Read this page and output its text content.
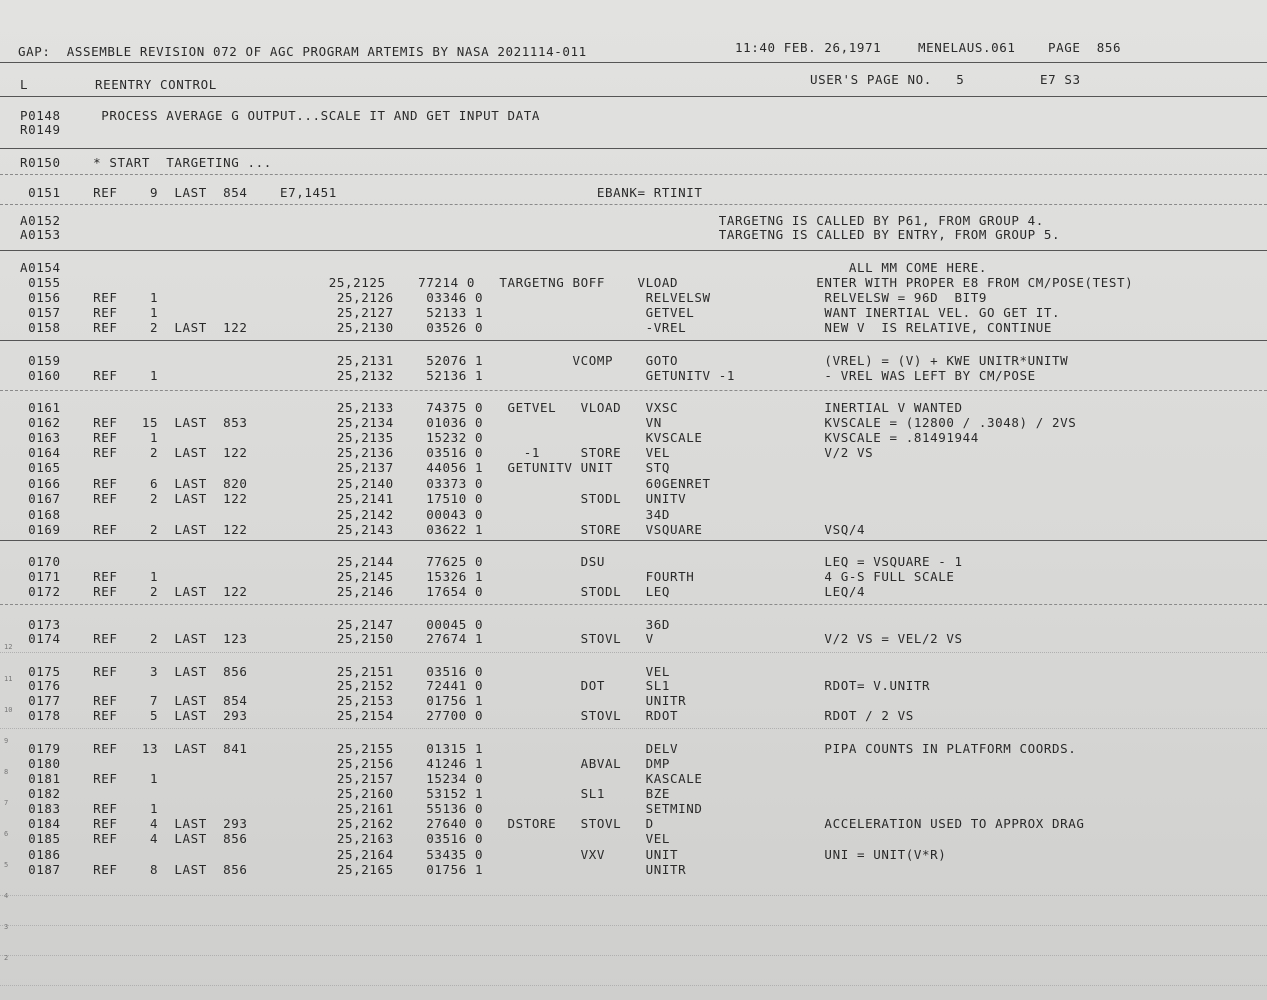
GAP:  ASSEMBLE REVISION 072 OF AGC PROGRAM ARTEMIS BY NASA 2021114-011	11:40 FEB. 26,1971	MENELAUS.061	PAGE  856
L	REENTRY CONTROL	USER'S PAGE NO.   5	E7 S3
P0148     PROCESS AVERAGE G OUTPUT...SCALE IT AND GET INPUT DATA
R0149
R0150    * START  TARGETING ...
0151    REF    9  LAST  854    E7,1451                                EBANK= RTINIT
A0152                                                                                 TARGETNG IS CALLED BY P61, FROM GROUP 4.
A0153                                                                                 TARGETNG IS CALLED BY ENTRY, FROM GROUP 5.
A0154                                                                                                 ALL MM COME HERE.
0155                                 25,2125    77214 0   TARGETNG BOFF    VLOAD                 ENTER WITH PROPER E8 FROM CM/POSE(TEST)
0156    REF    1                      25,2126    03346 0                    RELVELSW              RELVELSW = 96D  BIT9
0157    REF    1                      25,2127    52133 1                    GETVEL                WANT INERTIAL VEL. GO GET IT.
0158    REF    2  LAST  122           25,2130    03526 0                    -VREL                 NEW V  IS RELATIVE, CONTINUE
0159                                  25,2131    52076 1           VCOMP    GOTO                  (VREL) = (V) + KWE UNITR*UNITW
0160    REF    1                      25,2132    52136 1                    GETUNITV -1           - VREL WAS LEFT BY CM/POSE
0161                                  25,2133    74375 0   GETVEL   VLOAD   VXSC                  INERTIAL V WANTED
0162    REF   15  LAST  853           25,2134    01036 0                    VN                    KVSCALE = (12800 / .3048) / 2VS
0163    REF    1                      25,2135    15232 0                    KVSCALE               KVSCALE = .81491944
0164    REF    2  LAST  122           25,2136    03516 0     -1     STORE   VEL                   V/2 VS
0165                                  25,2137    44056 1   GETUNITV UNIT    STQ
0166    REF    6  LAST  820           25,2140    03373 0                    60GENRET
0167    REF    2  LAST  122           25,2141    17510 0            STODL   UNITV
0168                                  25,2142    00043 0                    34D
0169    REF    2  LAST  122           25,2143    03622 1            STORE   VSQUARE               VSQ/4
0170                                  25,2144    77625 0            DSU                           LEQ = VSQUARE - 1
0171    REF    1                      25,2145    15326 1                    FOURTH                4 G-S FULL SCALE
0172    REF    2  LAST  122           25,2146    17654 0            STODL   LEQ                   LEQ/4
0173                                  25,2147    00045 0                    36D
0174    REF    2  LAST  123           25,2150    27674 1            STOVL   V                     V/2 VS = VEL/2 VS
0175    REF    3  LAST  856           25,2151    03516 0                    VEL
0176                                  25,2152    72441 0            DOT     SL1                   RDOT= V.UNITR
0177    REF    7  LAST  854           25,2153    01756 1                    UNITR
0178    REF    5  LAST  293           25,2154    27700 0            STOVL   RDOT                  RDOT / 2 VS
0179    REF   13  LAST  841           25,2155    01315 1                    DELV                  PIPA COUNTS IN PLATFORM COORDS.
0180                                  25,2156    41246 1            ABVAL   DMP
0181    REF    1                      25,2157    15234 0                    KASCALE
0182                                  25,2160    53152 1            SL1     BZE
0183    REF    1                      25,2161    55136 0                    SETMIND
0184    REF    4  LAST  293           25,2162    27640 0   DSTORE   STOVL   D                     ACCELERATION USED TO APPROX DRAG
0185    REF    4  LAST  856           25,2163    03516 0                    VEL
0186                                  25,2164    53435 0            VXV     UNIT                  UNI = UNIT(V*R)
0187    REF    8  LAST  856           25,2165    01756 1                    UNITR
12
11
10
9
8
7
6
5
4
3
2
